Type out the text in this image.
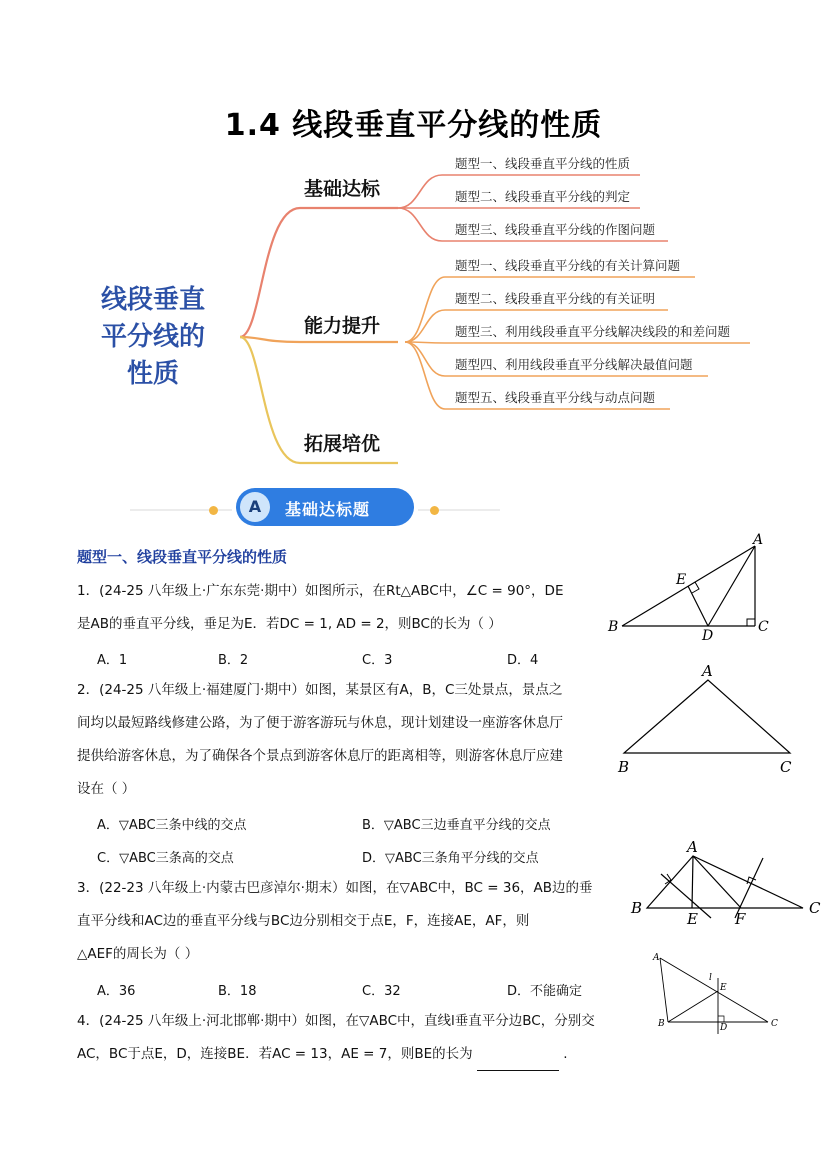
1.4 线段垂直平分线的性质
线段垂直
平分线的
性质
基础达标
能力提升
拓展培优
题型一、线段垂直平分线的性质
题型二、线段垂直平分线的判定
题型三、线段垂直平分线的作图问题
题型一、线段垂直平分线的有关计算问题
题型二、线段垂直平分线的有关证明
题型三、利用线段垂直平分线解决线段的和差问题
题型四、利用线段垂直平分线解决最值问题
题型五、线段垂直平分线与动点问题
A	基础达标题
题型一、线段垂直平分线的性质
1．(24-25 八年级上·广东东莞·期中）如图所示，在Rt△ABC中，∠C = 90°，DE
是AB的垂直平分线，垂足为E．若DC = 1, AD = 2，则BC的长为（ ）
A．1	B．2	C．3	D．4
A
E
B
D
C
2．(24-25 八年级上·福建厦门·期中）如图，某景区有A，B，C三处景点，景点之
间均以最短路线修建公路，为了便于游客游玩与休息，现计划建设一座游客休息厅
提供给游客休息，为了确保各个景点到游客休息厅的距离相等，则游客休息厅应建
设在（ ）
A．▽ABC三条中线的交点	B．▽ABC三边垂直平分线的交点
C．▽ABC三条高的交点	D．▽ABC三条角平分线的交点
A
B	C
3．(22-23 八年级上·内蒙古巴彦淖尔·期末）如图，在▽ABC中，BC = 36，AB边的垂
直平分线和AC边的垂直平分线与BC边分别相交于点E，F，连接AE，AF，则
△AEF的周长为（ ）
A．36	B．18	C．32	D．不能确定
A
B
E F
C
4．(24-25 八年级上·河北邯郸·期中）如图，在▽ABC中，直线l垂直平分边BC，分别交
AC，BC于点E，D，连接BE．若AC = 13，AE = 7，则BE的长为	.
A
l
E
B	D	C
